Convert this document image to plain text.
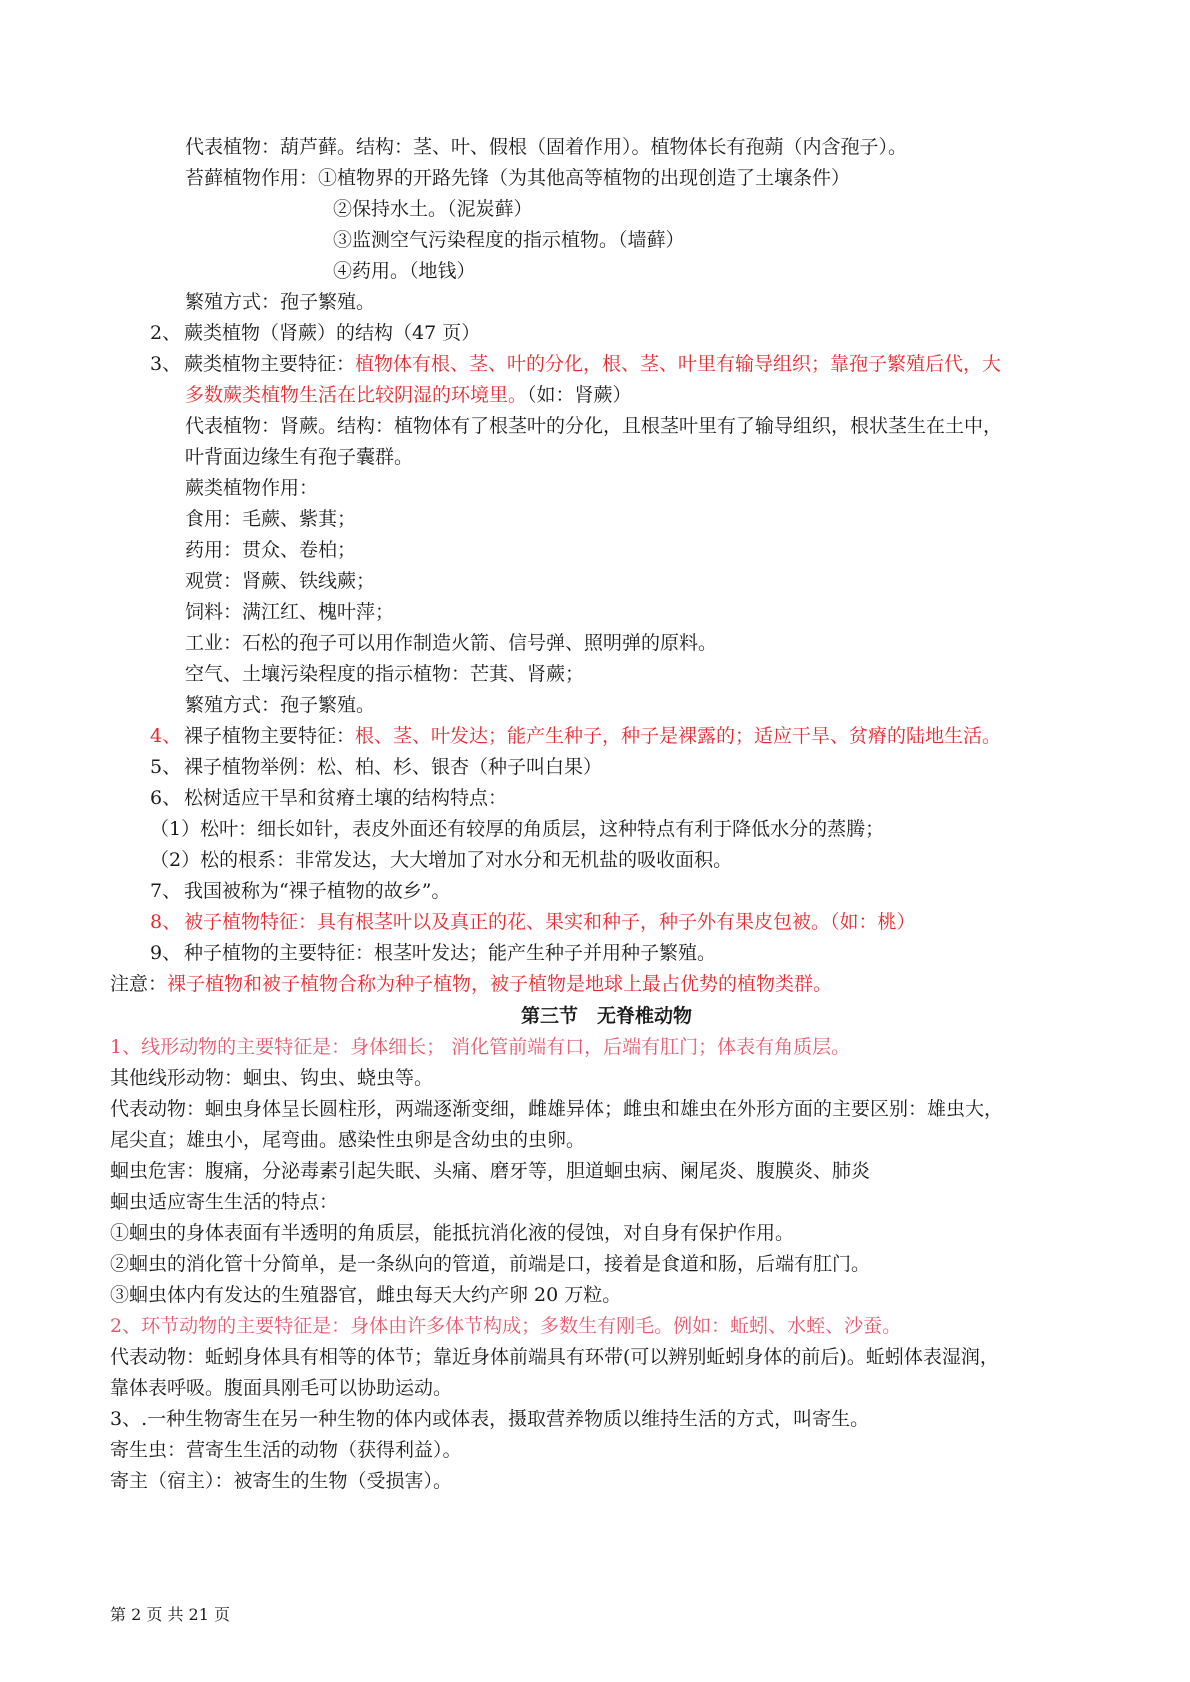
代表植物：葫芦藓。结构：茎、叶、假根（固着作用）。植物体长有孢蒴（内含孢子）。
苔藓植物作用：①植物界的开路先锋（为其他高等植物的出现创造了土壤条件）
②保持水土。（泥炭藓）
③监测空气污染程度的指示植物。（墙藓）
④药用。（地钱）
繁殖方式：孢子繁殖。
2、 蕨类植物（肾蕨）的结构（47 页）
3、 蕨类植物主要特征：植物体有根、茎、叶的分化，根、茎、叶里有输导组织；靠孢子繁殖后代，大
多数蕨类植物生活在比较阴湿的环境里。（如：肾蕨）
代表植物：肾蕨。结构：植物体有了根茎叶的分化，且根茎叶里有了输导组织，根状茎生在土中，
叶背面边缘生有孢子囊群。
蕨类植物作用：
食用：毛蕨、紫萁；
药用：贯众、卷柏；
观赏：肾蕨、铁线蕨；
饲料：满江红、槐叶萍；
工业：石松的孢子可以用作制造火箭、信号弹、照明弹的原料。
空气、土壤污染程度的指示植物：芒萁、肾蕨；
繁殖方式：孢子繁殖。
4、 裸子植物主要特征：根、茎、叶发达；能产生种子，种子是裸露的；适应干旱、贫瘠的陆地生活。
5、 裸子植物举例：松、柏、杉、银杏（种子叫白果）
6、 松树适应干旱和贫瘠土壤的结构特点：
（1）松叶：细长如针，表皮外面还有较厚的角质层，这种特点有利于降低水分的蒸腾；
（2）松的根系：非常发达，大大增加了对水分和无机盐的吸收面积。
7、 我国被称为“裸子植物的故乡”。
8、 被子植物特征：具有根茎叶以及真正的花、果实和种子，种子外有果皮包被。（如：桃）
9、 种子植物的主要特征：根茎叶发达；能产生种子并用种子繁殖。
注意：裸子植物和被子植物合称为种子植物，被子植物是地球上最占优势的植物类群。
第三节　无脊椎动物
1、线形动物的主要特征是：身体细长； 消化管前端有口，后端有肛门；体表有角质层。
其他线形动物：蛔虫、钩虫、蛲虫等。
代表动物：蛔虫身体呈长圆柱形，两端逐渐变细，雌雄异体；雌虫和雄虫在外形方面的主要区别：雄虫大，
尾尖直；雄虫小，尾弯曲。感染性虫卵是含幼虫的虫卵。
蛔虫危害：腹痛，分泌毒素引起失眠、头痛、磨牙等，胆道蛔虫病、阑尾炎、腹膜炎、肺炎
蛔虫适应寄生生活的特点：
①蛔虫的身体表面有半透明的角质层，能抵抗消化液的侵蚀，对自身有保护作用。
②蛔虫的消化管十分简单，是一条纵向的管道，前端是口，接着是食道和肠，后端有肛门。
③蛔虫体内有发达的生殖器官，雌虫每天大约产卵 20 万粒。
2、环节动物的主要特征是：身体由许多体节构成；多数生有刚毛。例如：蚯蚓、水蛭、沙蚕。
代表动物：蚯蚓身体具有相等的体节；靠近身体前端具有环带(可以辨别蚯蚓身体的前后)。蚯蚓体表湿润，
靠体表呼吸。腹面具刚毛可以协助运动。
3、.一种生物寄生在另一种生物的体内或体表，摄取营养物质以维持生活的方式，叫寄生。
寄生虫：营寄生生活的动物（获得利益）。
寄主（宿主）：被寄生的生物（受损害）。
第 2 页 共 21 页
